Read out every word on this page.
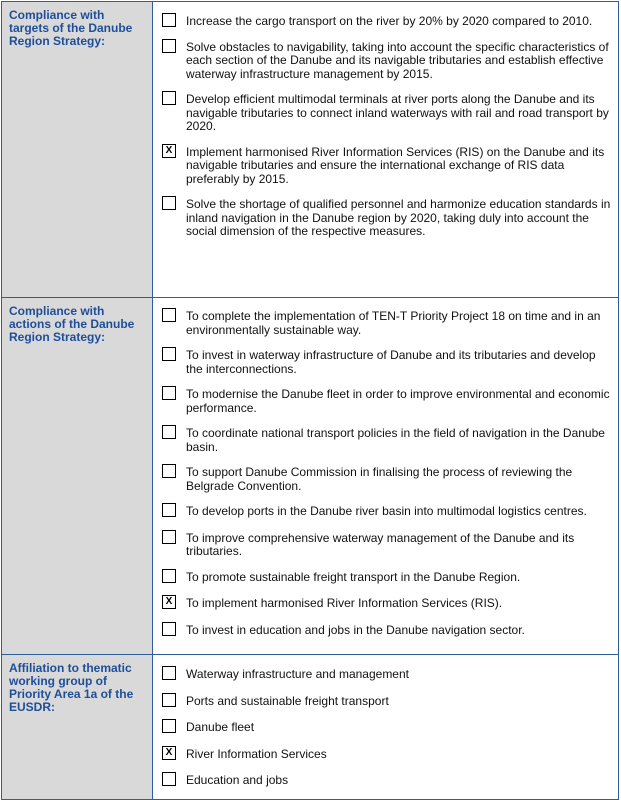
Compliance with targets of the Danube Region Strategy:
Increase the cargo transport on the river by 20% by 2020 compared to 2010.
Solve obstacles to navigability, taking into account the specific characteristics of each section of the Danube and its navigable tributaries and establish effective waterway infrastructure management by 2015.
Develop efficient multimodal terminals at river ports along the Danube and its navigable tributaries to connect inland waterways with rail and road transport by 2020.
X	Implement harmonised River Information Services (RIS) on the Danube and its navigable tributaries and ensure the international exchange of RIS data preferably by 2015.
Solve the shortage of qualified personnel and harmonize education standards in inland navigation in the Danube region by 2020, taking duly into account the social dimension of the respective measures.
Compliance with actions of the Danube Region Strategy:
To complete the implementation of TEN-T Priority Project 18 on time and in an environmentally sustainable way.
To invest in waterway infrastructure of Danube and its tributaries and develop the interconnections.
To modernise the Danube fleet in order to improve environmental and economic performance.
To coordinate national transport policies in the field of navigation in the Danube basin.
To support Danube Commission in finalising the process of reviewing the Belgrade Convention.
To develop ports in the Danube river basin into multimodal logistics centres.
To improve comprehensive waterway management of the Danube and its tributaries.
To promote sustainable freight transport in the Danube Region.
X	To implement harmonised River Information Services (RIS).
To invest in education and jobs in the Danube navigation sector.
Affiliation to thematic working group of Priority Area 1a of the EUSDR:
Waterway infrastructure and management
Ports and sustainable freight transport
Danube fleet
X	River Information Services
Education and jobs
